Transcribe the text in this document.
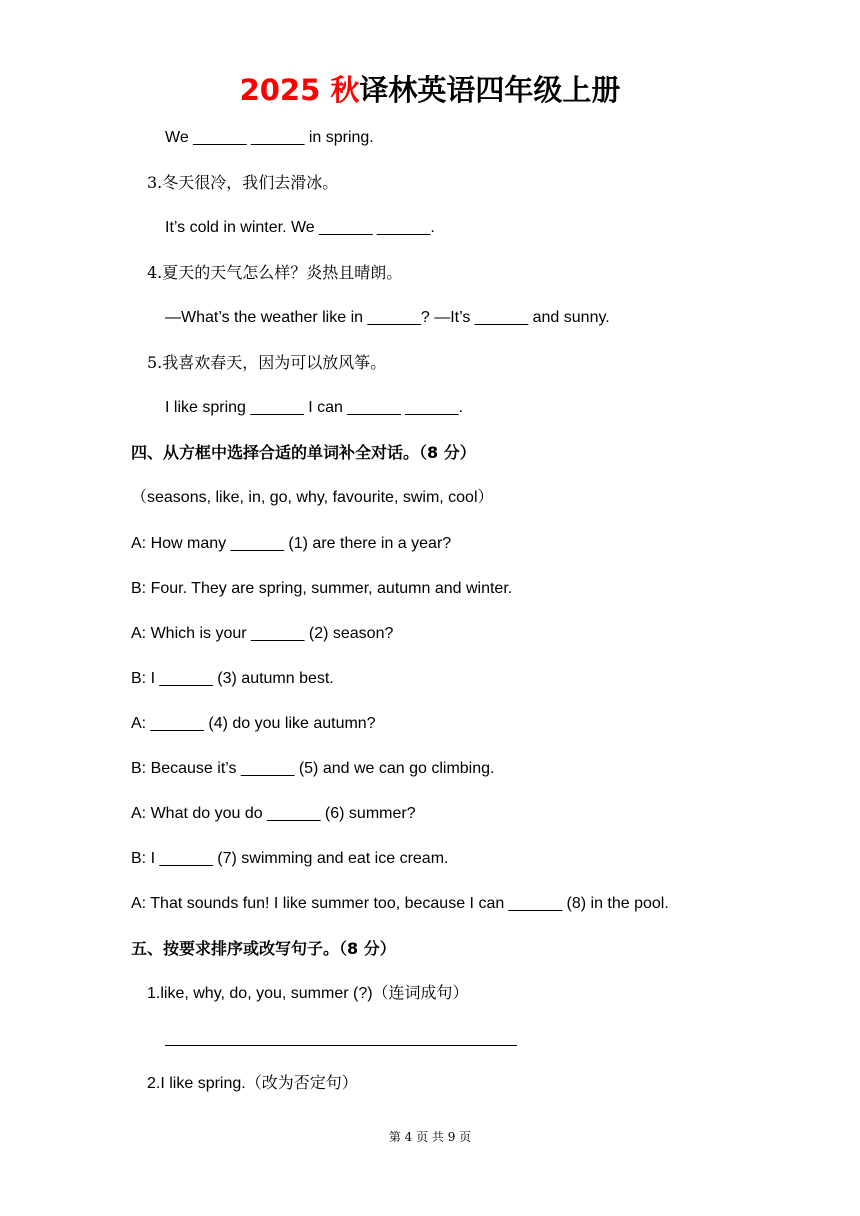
2025 秋译林英语四年级上册
We ______ ______ in spring.
3.冬天很冷，我们去滑冰。
It’s cold in winter. We ______ ______.
4.夏天的天气怎么样？炎热且晴朗。
—What’s the weather like in ______? —It’s ______ and sunny.
5.我喜欢春天，因为可以放风筝。
I like spring ______ I can ______ ______.
四、从方框中选择合适的单词补全对话。（8 分）
（seasons, like, in, go, why, favourite, swim, cool）
A: How many ______ (1) are there in a year?
B: Four. They are spring, summer, autumn and winter.
A: Which is your ______ (2) season?
B: I ______ (3) autumn best.
A: ______ (4) do you like autumn?
B: Because it’s ______ (5) and we can go climbing.
A: What do you do ______ (6) summer?
B: I ______ (7) swimming and eat ice cream.
A: That sounds fun! I like summer too, because I can ______ (8) in the pool.
五、按要求排序或改写句子。（8 分）
1.like, why, do, you, summer (?)（连词成句）
2.I like spring.（改为否定句）
第 4 页 共 9 页
